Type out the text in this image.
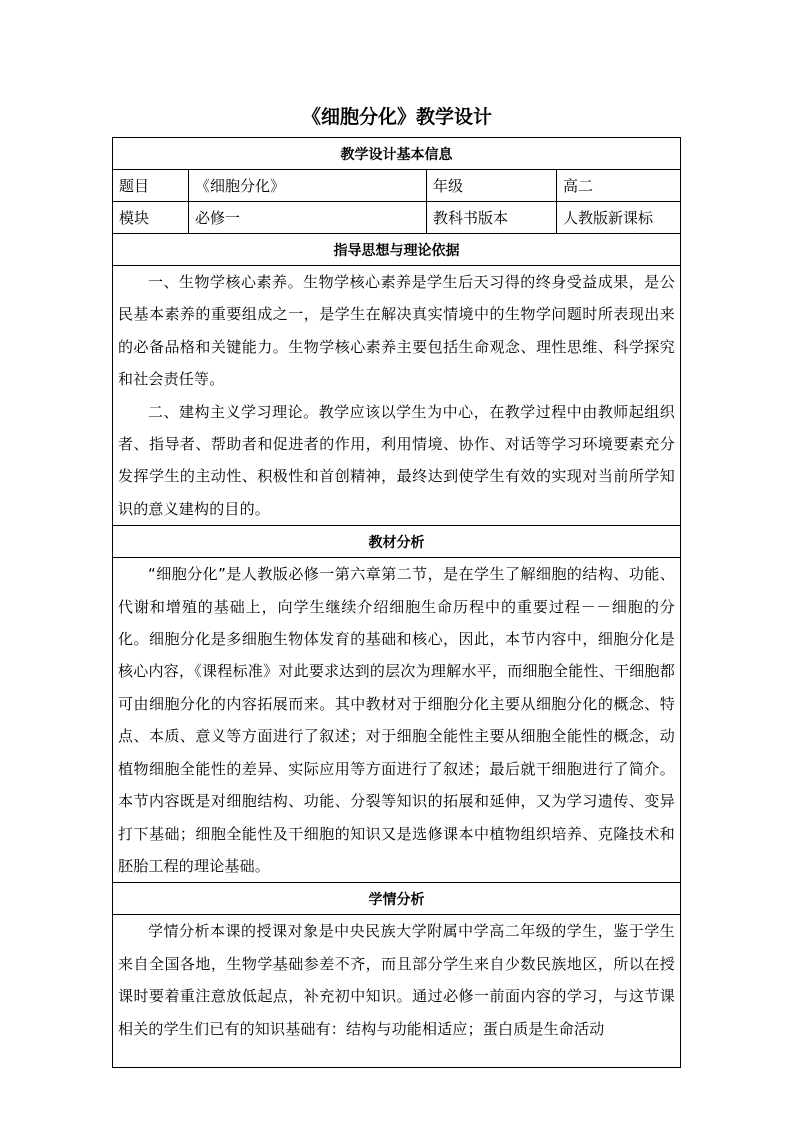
《细胞分化》教学设计
教学设计基本信息			
题目	《细胞分化》	年级	高二
模块	必修一	教科书版本	人教版新课标
指导思想与理论依据			

一、生物学核心素养。生物学核心素养是学生后天习得的终身受益成果，是公民基本素养的重要组成之一，是学生在解决真实情境中的生物学问题时所表现出来的必备品格和关键能力。生物学核心素养主要包括生命观念、理性思维、科学探究和社会责任等。

二、建构主义学习理论。教学应该以学生为中心，在教学过程中由教师起组织者、指导者、帮助者和促进者的作用，利用情境、协作、对话等学习环境要素充分发挥学生的主动性、积极性和首创精神，最终达到使学生有效的实现对当前所学知识的意义建构的目的。			

教材分析			

“细胞分化”是人教版必修一第六章第二节，是在学生了解细胞的结构、功能、代谢和增殖的基础上，向学生继续介绍细胞生命历程中的重要过程－－细胞的分化。细胞分化是多细胞生物体发育的基础和核心，因此，本节内容中，细胞分化是核心内容，《课程标准》对此要求达到的层次为理解水平，而细胞全能性、干细胞都可由细胞分化的内容拓展而来。其中教材对于细胞分化主要从细胞分化的概念、特点、本质、意义等方面进行了叙述；对于细胞全能性主要从细胞全能性的概念，动植物细胞全能性的差异、实际应用等方面进行了叙述；最后就干细胞进行了简介。本节内容既是对细胞结构、功能、分裂等知识的拓展和延伸，又为学习遗传、变异打下基础；细胞全能性及干细胞的知识又是选修课本中植物组织培养、克隆技术和胚胎工程的理论基础。			

学情分析			

学情分析本课的授课对象是中央民族大学附属中学高二年级的学生，鉴于学生来自全国各地，生物学基础参差不齐，而且部分学生来自少数民族地区，所以在授课时要着重注意放低起点，补充初中知识。通过必修一前面内容的学习，与这节课相关的学生们已有的知识基础有：结构与功能相适应；蛋白质是生命活动			
